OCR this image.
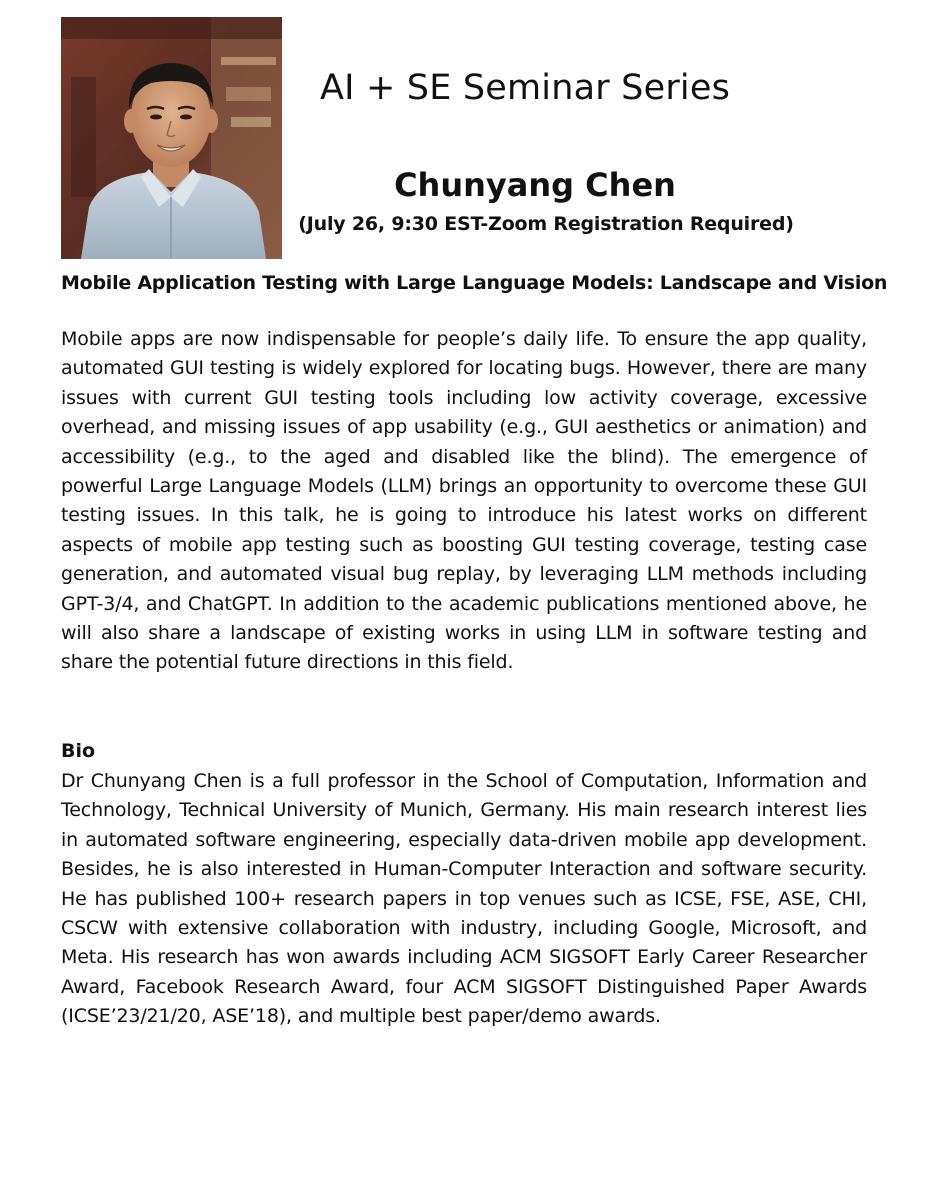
AI + SE Seminar Series
Chunyang Chen
(July 26, 9:30 EST-Zoom Registration Required)
Mobile Application Testing with Large Language Models: Landscape and Vision

Mobile apps are now indispensable for people’s daily life. To ensure the app quality, automated GUI testing is widely explored for locating bugs. However, there are many issues with current GUI testing tools including low activity coverage, excessive overhead, and missing issues of app usability (e.g., GUI aesthetics or animation) and accessibility (e.g., to the aged and disabled like the blind). The emergence of powerful Large Language Models (LLM) brings an opportunity to overcome these GUI testing issues. In this talk, he is going to introduce his latest works on different aspects of mobile app testing such as boosting GUI testing coverage, testing case generation, and automated visual bug replay, by leveraging LLM methods including GPT-3/4, and ChatGPT. In addition to the academic publications mentioned above, he will also share a landscape of existing works in using LLM in software testing and share the potential future directions in this field.

Bio

Dr Chunyang Chen is a full professor in the School of Computation, Information and Technology, Technical University of Munich, Germany. His main research interest lies in automated software engineering, especially data-driven mobile app development. Besides, he is also interested in Human-Computer Interaction and software security. He has published 100+ research papers in top venues such as ICSE, FSE, ASE, CHI, CSCW with extensive collaboration with industry, including Google, Microsoft, and Meta. His research has won awards including ACM SIGSOFT Early Career Researcher Award, Facebook Research Award, four ACM SIGSOFT Distinguished Paper Awards (ICSE’23/21/20, ASE’18), and multiple best paper/demo awards.
